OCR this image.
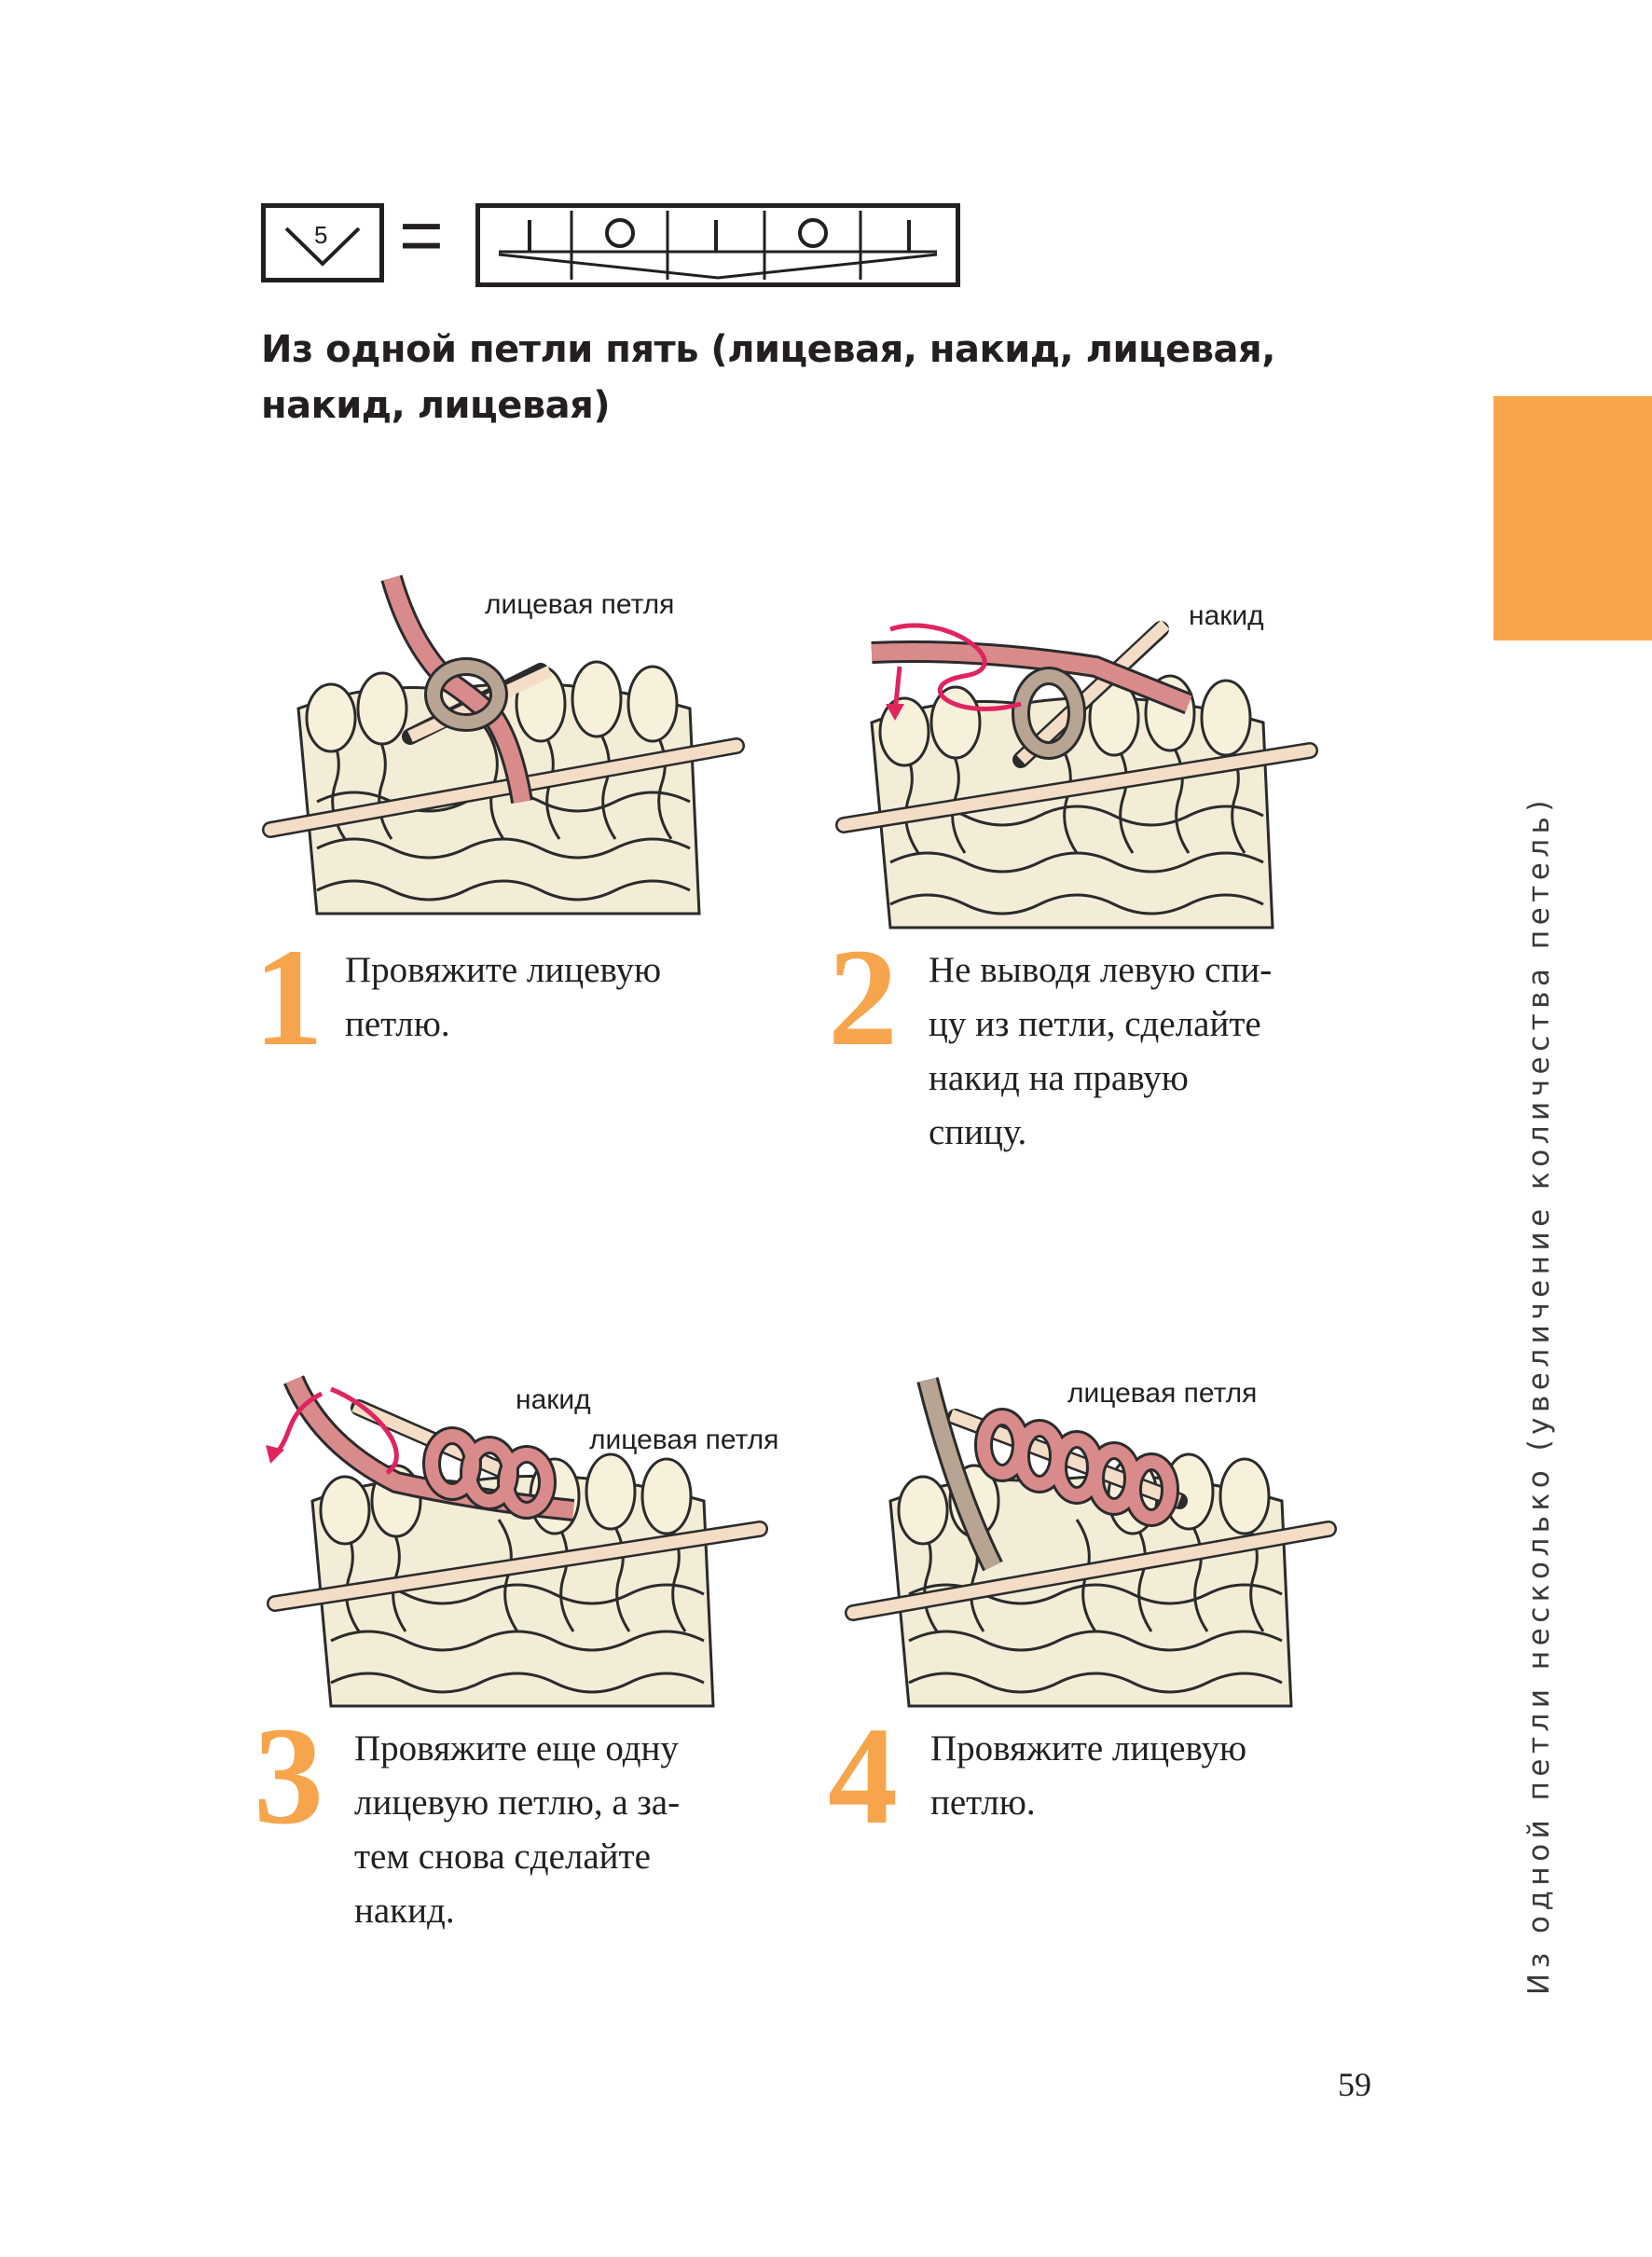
5 =
Из одной петли пять (лицевая, накид, лицевая,
накид, лицевая)
Из одной петли несколько (увеличение количества петель)
лицевая петля	накид
накид
лицевая петля
лицевая петля
1 Провяжите лицевую
петлю.	2 Не выводя левую спи-
цу из петли, сделайте
накид на правую
спицу.
3 Провяжите еще одну
лицевую петлю, а за-
тем снова сделайте
накид.
4 Провяжите лицевую
петлю.
59
